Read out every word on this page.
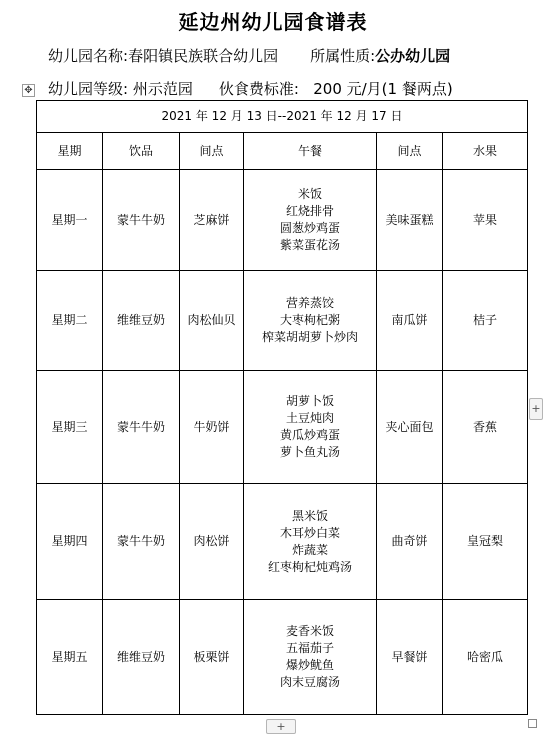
延边州幼儿园食谱表
幼儿园名称:春阳镇民族联合幼儿园 所属性质:公办幼儿园
幼儿园等级: 州示范园 伙食费标准: 200 元/月(1 餐两点)
✥
2021 年 12 月 13 日--2021 年 12 月 17 日					
星期	饮品	间点	午餐	间点	水果
星期一	蒙牛牛奶	芝麻饼	米饭
红烧排骨
圆葱炒鸡蛋
紫菜蛋花汤	美味蛋糕	苹果
星期二	维维豆奶	肉松仙贝	营养蒸饺
大枣枸杞粥
榨菜胡胡萝卜炒肉	南瓜饼	桔子
星期三	蒙牛牛奶	牛奶饼	胡萝卜饭
土豆炖肉
黄瓜炒鸡蛋
萝卜鱼丸汤	夹心面包	香蕉
星期四	蒙牛牛奶	肉松饼	黑米饭
木耳炒白菜
炸蔬菜
红枣枸杞炖鸡汤	曲奇饼	皇冠梨
星期五	维维豆奶	板栗饼	麦香米饭
五福茄子
爆炒鱿鱼
肉末豆腐汤	早餐饼	哈密瓜
+
+
